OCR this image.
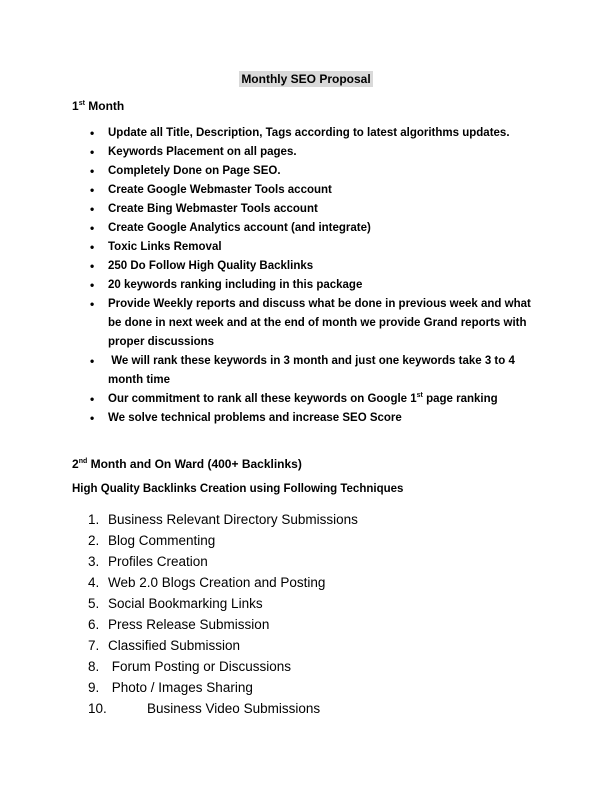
Monthly SEO Proposal
1st Month
• Update all Title, Description, Tags according to latest algorithms updates.
• Keywords Placement on all pages.
• Completely Done on Page SEO.
• Create Google Webmaster Tools account
• Create Bing Webmaster Tools account
• Create Google Analytics account (and integrate)
• Toxic Links Removal
• 250 Do Follow High Quality Backlinks
• 20 keywords ranking including in this package
• Provide Weekly reports and discuss what be done in previous week and what be done in next week and at the end of month we provide Grand reports with proper discussions
• We will rank these keywords in 3 month and just one keywords take 3 to 4 month time
• Our commitment to rank all these keywords on Google 1st page ranking
• We solve technical problems and increase SEO Score
2nd Month and On Ward (400+ Backlinks)
High Quality Backlinks Creation using Following Techniques
1. Business Relevant Directory Submissions
2. Blog Commenting
3. Profiles Creation
4. Web 2.0 Blogs Creation and Posting
5. Social Bookmarking Links
6. Press Release Submission
7. Classified Submission
8. Forum Posting or Discussions
9. Photo / Images Sharing
10.	Business Video Submissions
